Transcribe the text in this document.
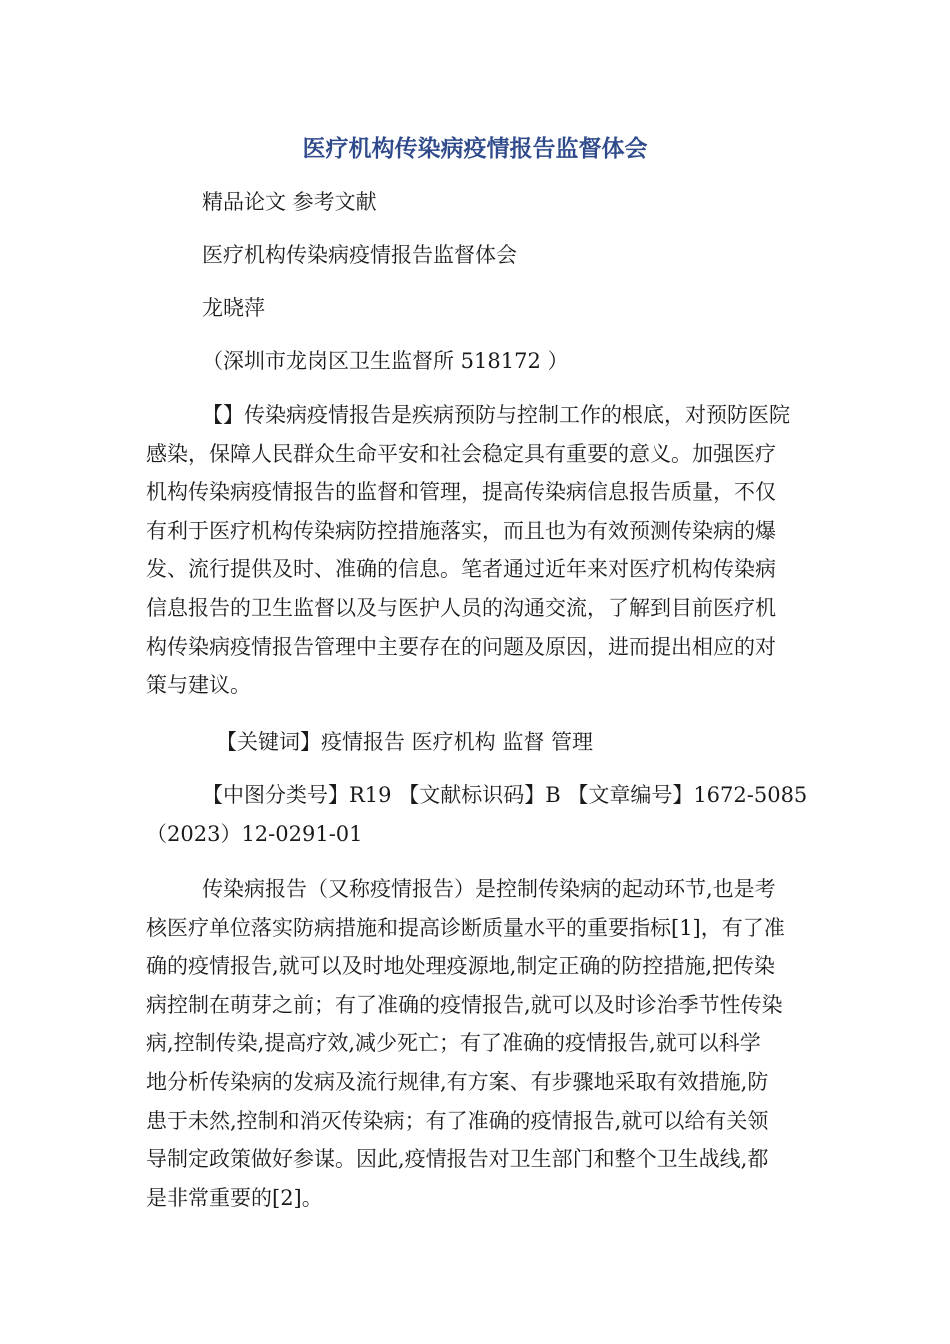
医疗机构传染病疫情报告监督体会
精品论文 参考文献
医疗机构传染病疫情报告监督体会
龙晓萍
（深圳市龙岗区卫生监督所 518172 ）
【】传染病疫情报告是疾病预防与控制工作的根底，对预防医院
感染，保障人民群众生命平安和社会稳定具有重要的意义。加强医疗
机构传染病疫情报告的监督和管理，提高传染病信息报告质量，不仅
有利于医疗机构传染病防控措施落实，而且也为有效预测传染病的爆
发、流行提供及时、准确的信息。笔者通过近年来对医疗机构传染病
信息报告的卫生监督以及与医护人员的沟通交流，了解到目前医疗机
构传染病疫情报告管理中主要存在的问题及原因，进而提出相应的对
策与建议。
【关键词】疫情报告 医疗机构 监督 管理
【中图分类号】R19 【文献标识码】B 【文章编号】1672-5085
（2023）12-0291-01
传染病报告（又称疫情报告）是控制传染病的起动环节,也是考
核医疗单位落实防病措施和提高诊断质量水平的重要指标[1]，有了准
确的疫情报告,就可以及时地处理疫源地,制定正确的防控措施,把传染
病控制在萌芽之前；有了准确的疫情报告,就可以及时诊治季节性传染
病,控制传染,提高疗效,减少死亡；有了准确的疫情报告,就可以科学
地分析传染病的发病及流行规律,有方案、有步骤地采取有效措施,防
患于未然,控制和消灭传染病；有了准确的疫情报告,就可以给有关领
导制定政策做好参谋。因此,疫情报告对卫生部门和整个卫生战线,都
是非常重要的[2]。
